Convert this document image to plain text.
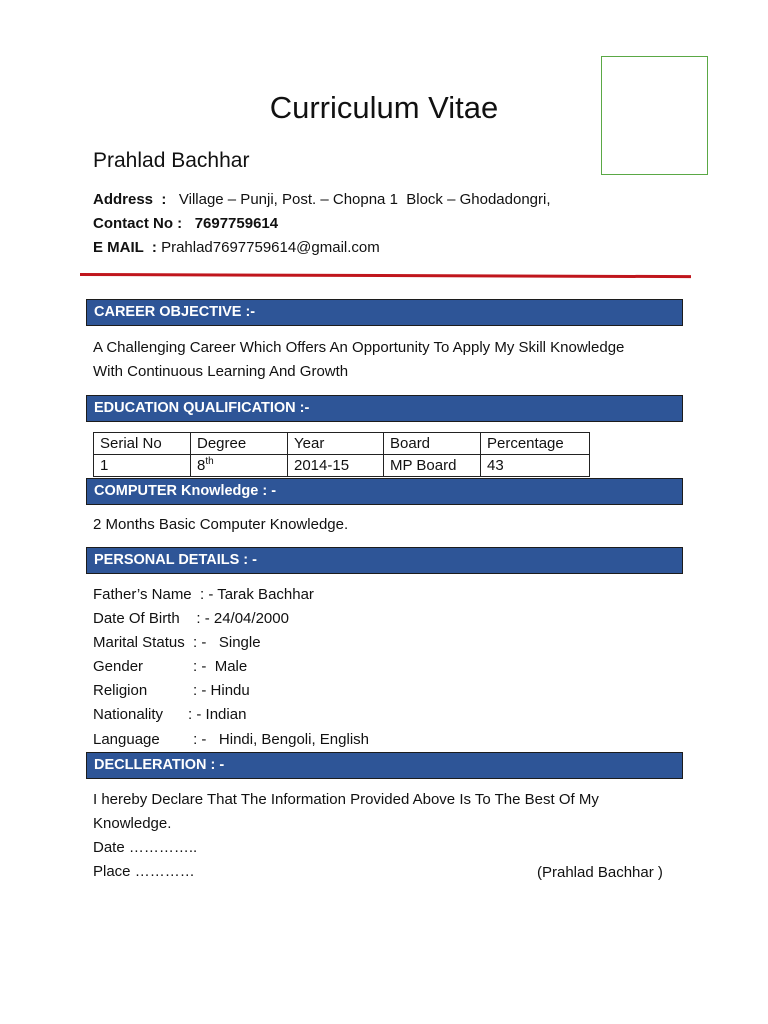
Curriculum Vitae
Prahlad Bachhar
Address  : Village – Punji, Post. – Chopna 1  Block – Ghodadongri,
Contact No : 7697759614
E MAIL  : Prahlad7697759614@gmail.com
CAREER OBJECTIVE :-
A Challenging Career Which Offers An Opportunity To Apply My Skill Knowledge
With Continuous Learning And Growth
EDUCATION QUALIFICATION :-
Serial No	Degree	Year	Board	Percentage
1	8th	2014-15	MP Board	43
COMPUTER Knowledge : -
2 Months Basic Computer Knowledge.
PERSONAL DETAILS : -
Father’s Name  : - Tarak Bachhar
Date Of Birth    : - 24/04/2000
Marital Status  : -   Single
Gender            : -  Male
Religion           : - Hindu
Nationality      : - Indian
Language        : -   Hindi, Bengoli, English
DECLLERATION : -
I hereby Declare That The Information Provided Above Is To The Best Of My
Knowledge.
Date …………..
Place …………	(Prahlad Bachhar )
